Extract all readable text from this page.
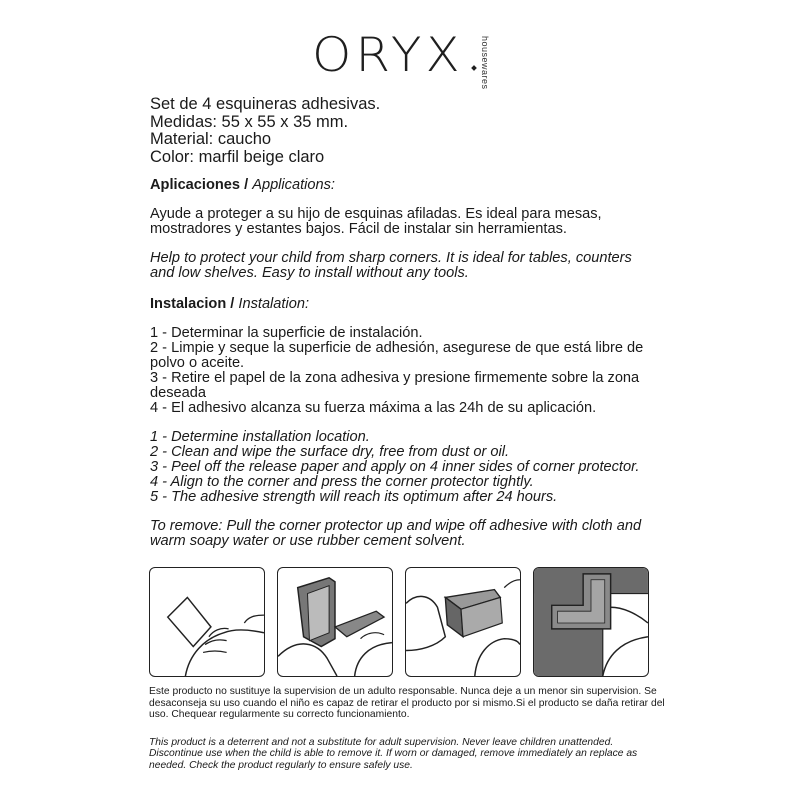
ORYX housewares

Set de 4 esquineras adhesivas.

Medidas: 55 x 55 x 35 mm.

Material: caucho

Color: marfil beige claro

Aplicaciones / Applications:

Ayude a proteger a su hijo de esquinas afiladas. Es ideal para mesas, mostradores y estantes bajos. Fácil de instalar sin herramientas.

Help to protect your child from sharp corners. It is ideal for tables, counters and low shelves. Easy to install without any tools.

Instalacion / Instalation:

1 - Determinar la superficie de instalación.

2 - Limpie y seque la superficie de adhesión, asegurese de que está libre de polvo o aceite.

3 - Retire el papel de la zona adhesiva y presione firmemente sobre la zona deseada

4 - El adhesivo alcanza su fuerza máxima a las 24h de su aplicación.

1 - Determine installation location.

2 - Clean and wipe the surface dry, free from dust or oil.

3 - Peel off the release paper and apply on 4 inner sides of corner protector.

4 - Align to the corner and press the corner protector tightly.

5 - The adhesive strength will reach its optimum after 24 hours.

To remove: Pull the corner protector up and wipe off adhesive with cloth and warm soapy water or use rubber cement solvent.

Este producto no sustituye la supervision de un adulto responsable. Nunca deje a un menor sin supervision. Se desaconseja su uso cuando el niño es capaz de retirar el producto por si mismo.Si el producto se daña retirar del uso. Chequear regularmente su correcto funcionamiento.

This product is a deterrent and not a substitute for adult supervision. Never leave children unattended. Discontinue use when the child is able to remove it. If worn or damaged, remove immediately an replace as needed. Check the product regularly to ensure safely use.
